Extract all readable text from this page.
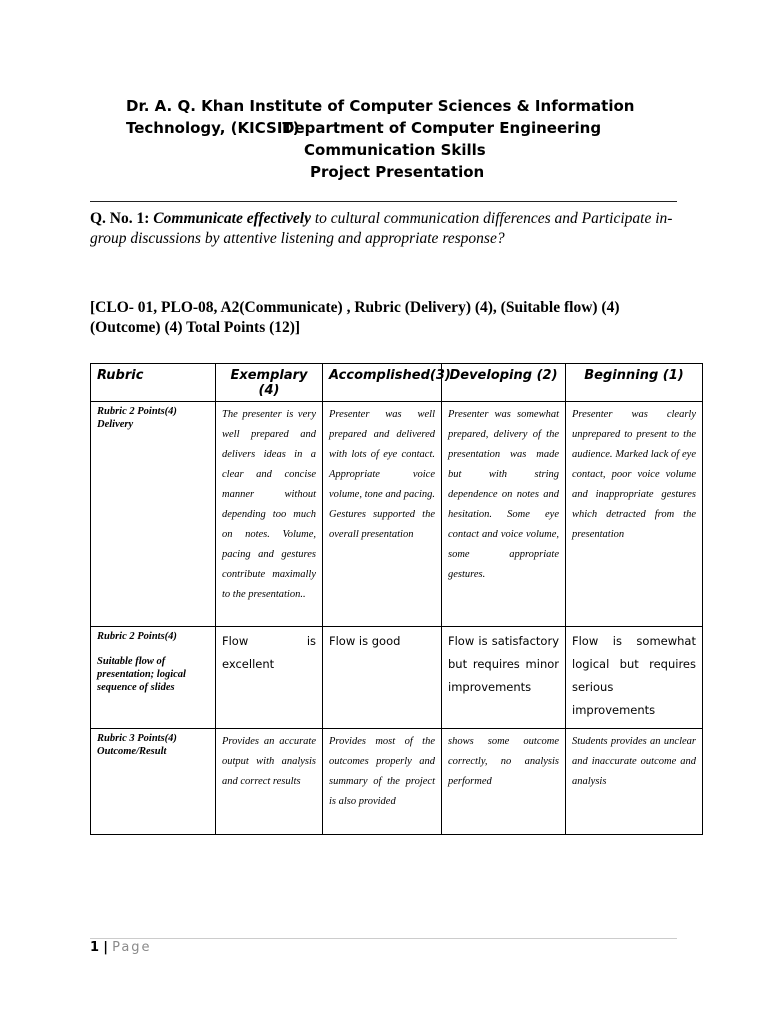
Dr. A. Q. Khan Institute of Computer Sciences & Information Technology, (KICSIT)
Department of Computer Engineering
Communication Skills
Project Presentation
Q. No. 1: Communicate effectively to cultural communication differences and Participate in-group discussions by attentive listening and appropriate response?
[CLO- 01, PLO-08, A2(Communicate) , Rubric (Delivery) (4), (Suitable flow) (4) (Outcome) (4) Total Points (12)]
Rubric	Exemplary (4)	Accomplished(3)	Developing (2)	Beginning (1)

Rubric 2 Points(4)
Delivery	The presenter is very well prepared and delivers ideas in a clear and concise manner without depending too much on notes. Volume, pacing and gestures contribute maximally to the presentation..	Presenter was well prepared and delivered with lots of eye contact. Appropriate voice volume, tone and pacing. Gestures supported the overall presentation	Presenter was somewhat prepared, delivery of the presentation was made but with string dependence on notes and hesitation. Some eye contact and voice volume, some appropriate gestures.	Presenter was clearly unprepared to present to the audience. Marked lack of eye contact, poor voice volume and inappropriate gestures which detracted from the presentation

Rubric 2 Points(4)
Suitable flow of presentation; logical sequence of slides	Flow is excellent	Flow is good	Flow is satisfactory but requires minor improvements	Flow is somewhat logical but requires serious improvements

Rubric 3 Points(4)
Outcome/Result	Provides an accurate output with analysis and correct results	Provides most of the outcomes properly and summary of the project is also provided	shows some outcome correctly, no analysis performed	Students provides an unclear and inaccurate outcome and analysis
1 | Page
